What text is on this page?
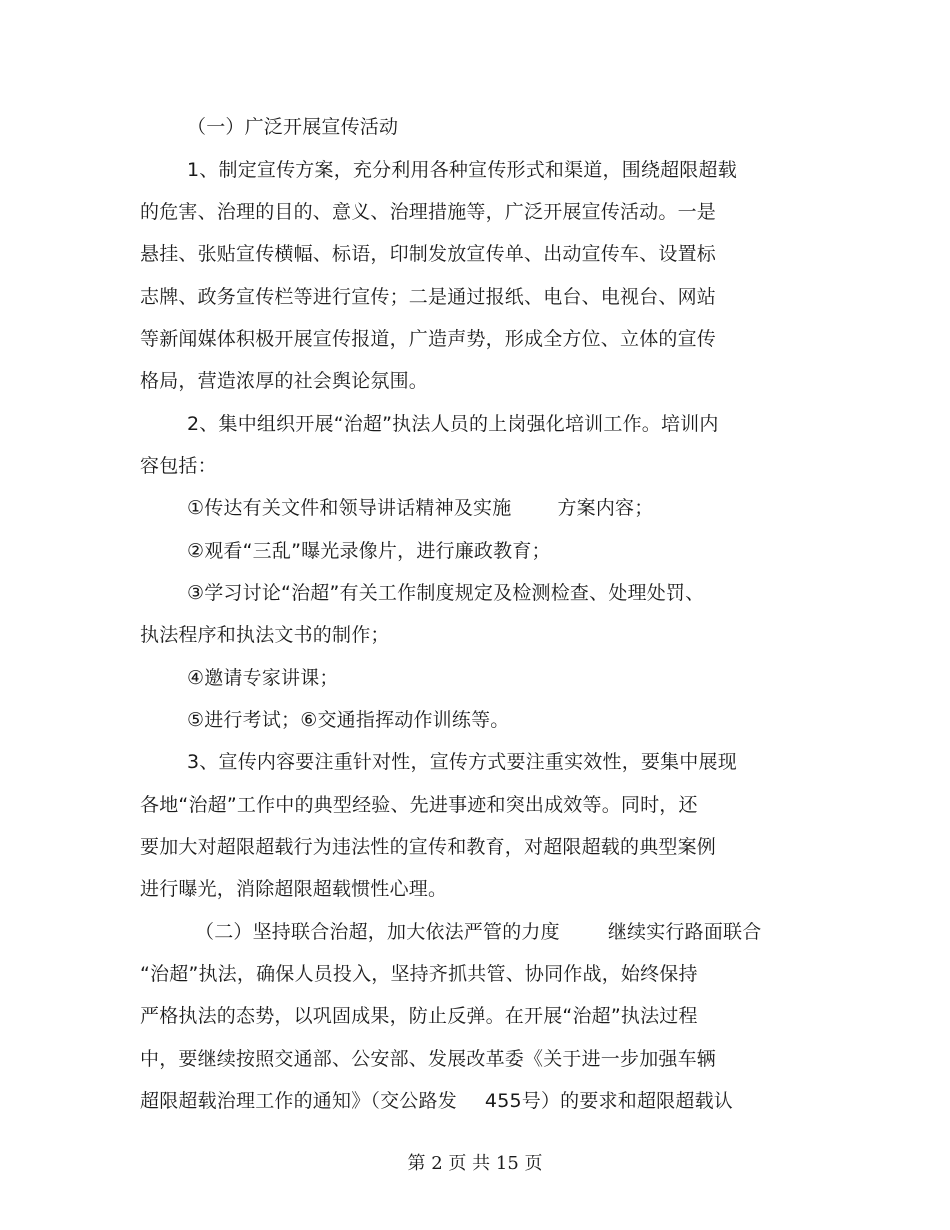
（一）广泛开展宣传活动
1、制定宣传方案，充分利用各种宣传形式和渠道，围绕超限超载
的危害、治理的目的、意义、治理措施等，广泛开展宣传活动。一是
悬挂、张贴宣传横幅、标语，印制发放宣传单、出动宣传车、设置标
志牌、政务宣传栏等进行宣传；二是通过报纸、电台、电视台、网站
等新闻媒体积极开展宣传报道，广造声势，形成全方位、立体的宣传
格局，营造浓厚的社会舆论氛围。
2、集中组织开展“治超”执法人员的上岗强化培训工作。培训内
容包括：
①传达有关文件和领导讲话精神及实施 方案内容；
②观看“三乱”曝光录像片，进行廉政教育；
③学习讨论“治超”有关工作制度规定及检测检查、处理处罚、
执法程序和执法文书的制作；
④邀请专家讲课；
⑤进行考试；⑥交通指挥动作训练等。
3、宣传内容要注重针对性，宣传方式要注重实效性，要集中展现
各地“治超”工作中的典型经验、先进事迹和突出成效等。同时，还
要加大对超限超载行为违法性的宣传和教育，对超限超载的典型案例
进行曝光，消除超限超载惯性心理。
（二）坚持联合治超，加大依法严管的力度	继续实行路面联合
“治超”执法，确保人员投入，坚持齐抓共管、协同作战，始终保持
严格执法的态势，以巩固成果，防止反弹。在开展“治超”执法过程
中，要继续按照交通部、公安部、发展改革委《关于进一步加强车辆
超限超载治理工作的通知》（交公路发 455号）的要求和超限超载认
第 2 页 共 15 页
